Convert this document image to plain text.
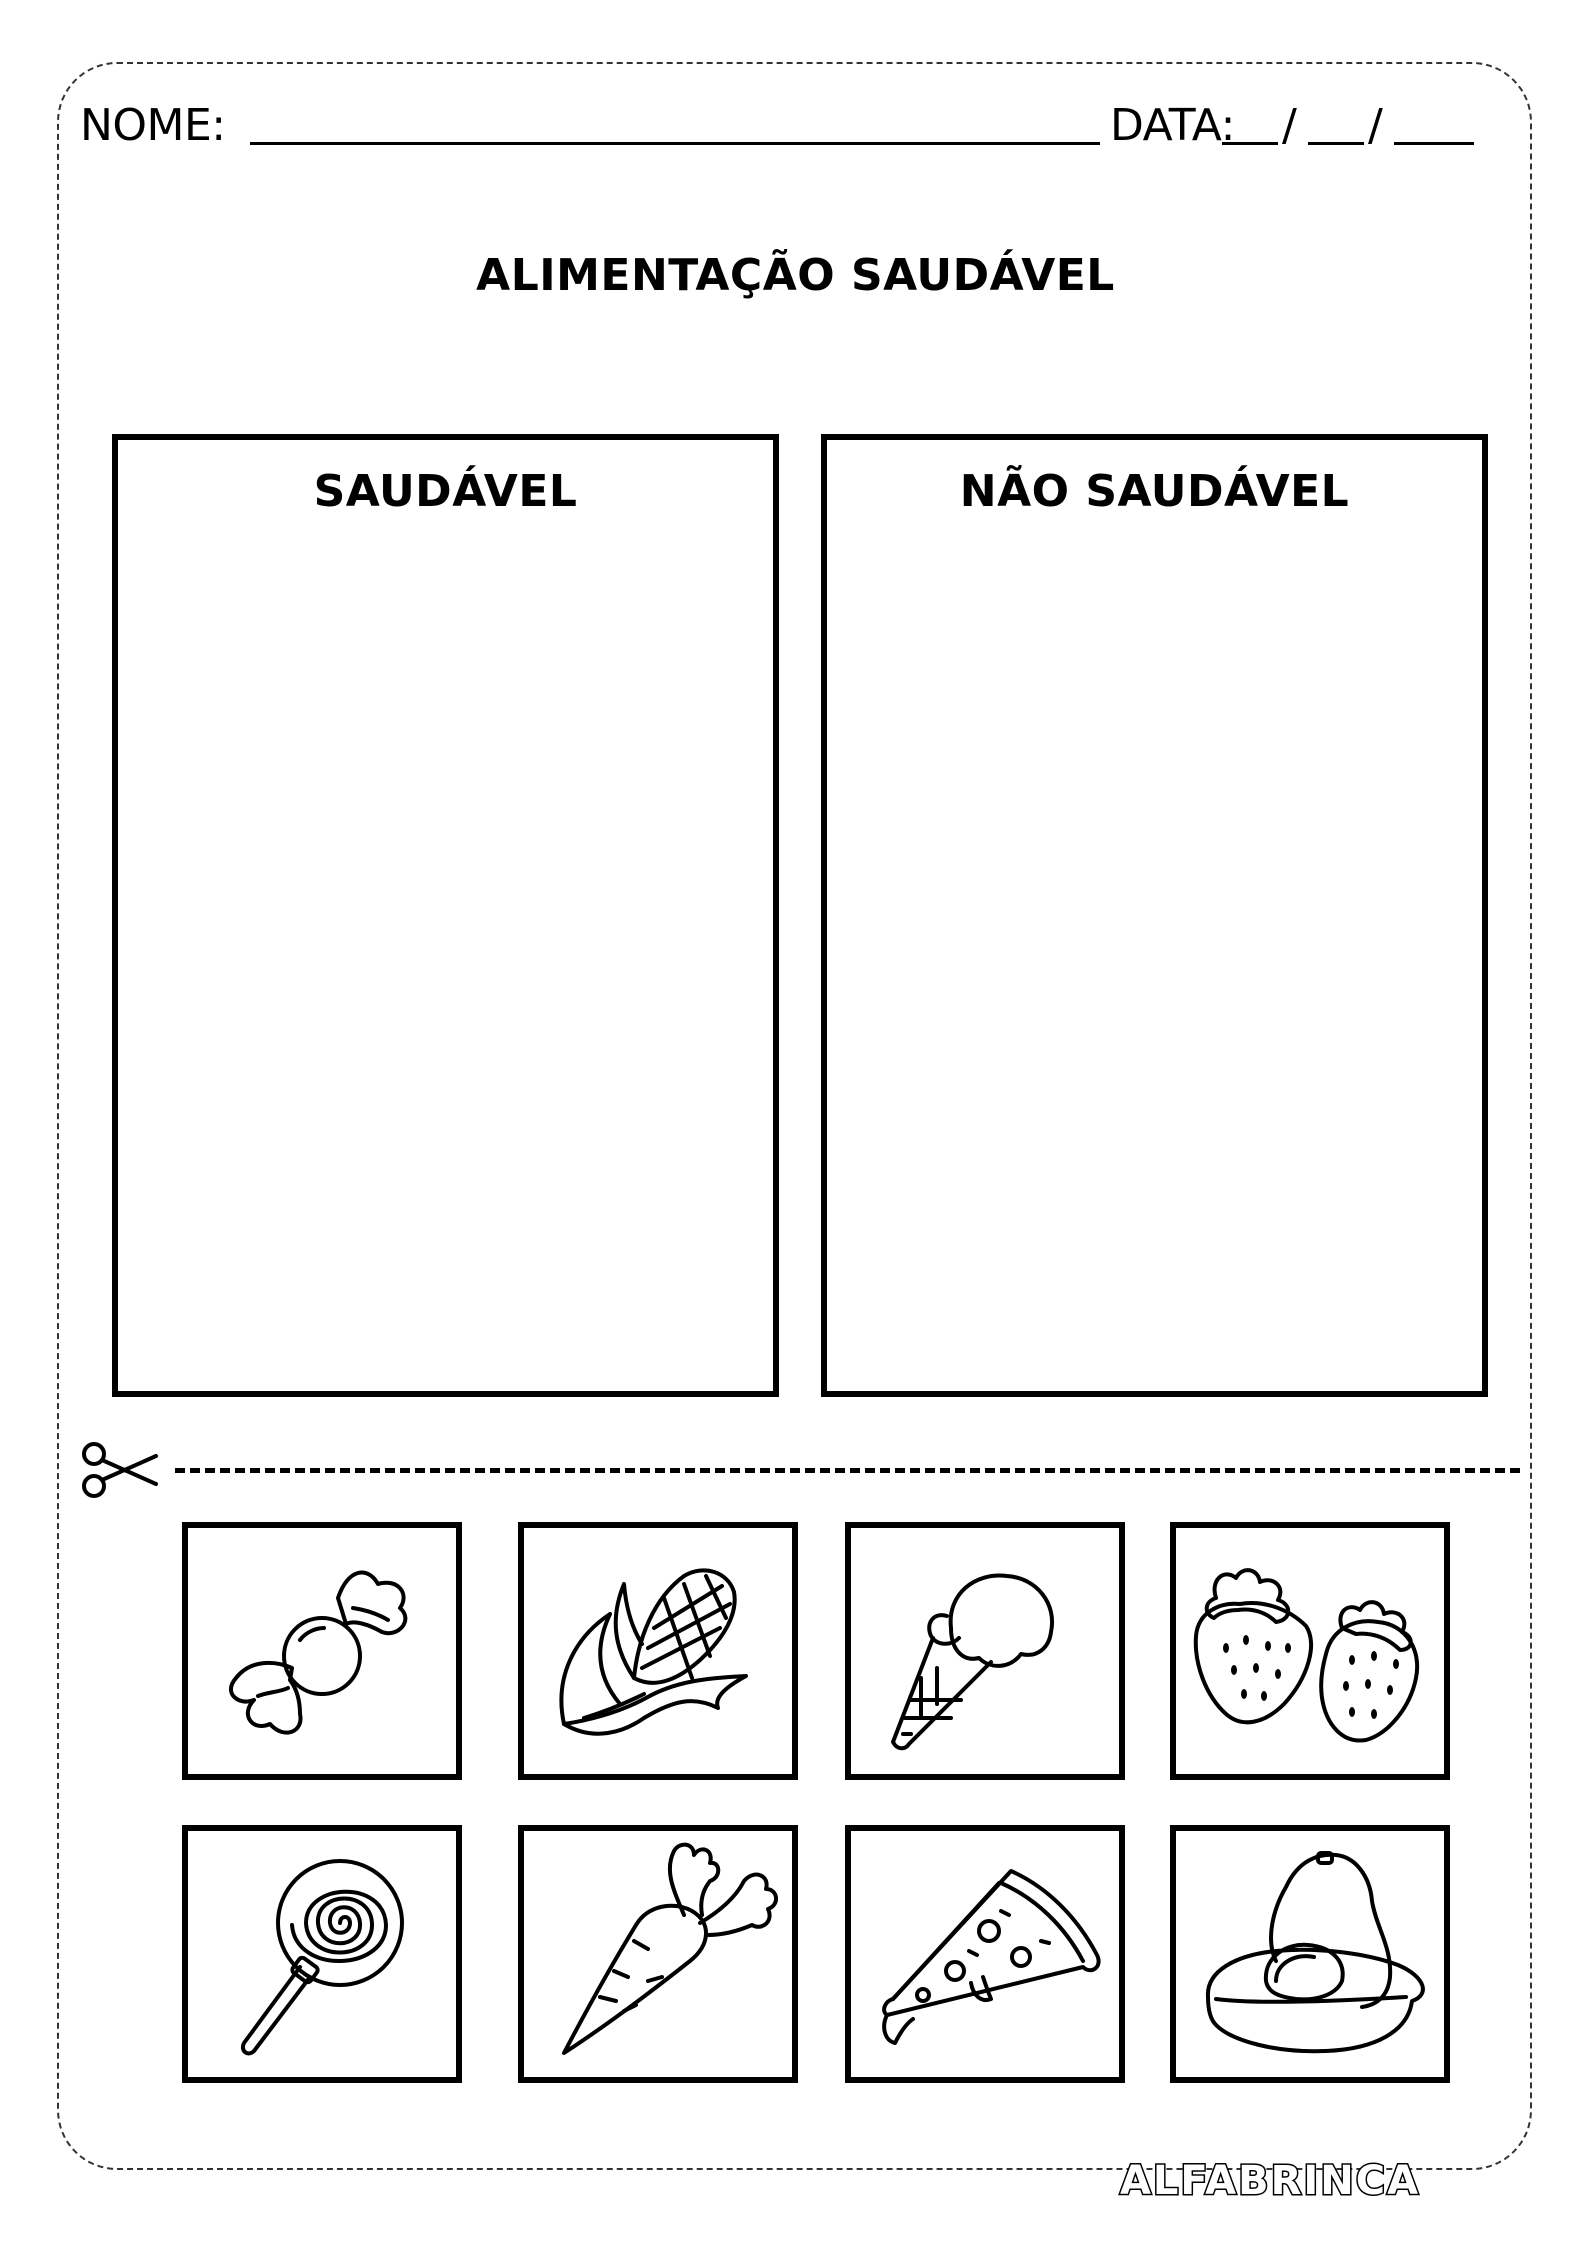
NOME:	DATA: / /
ALIMENTAÇÃO SAUDÁVEL
SAUDÁVEL	NÃO SAUDÁVEL
ALFABRINCA
